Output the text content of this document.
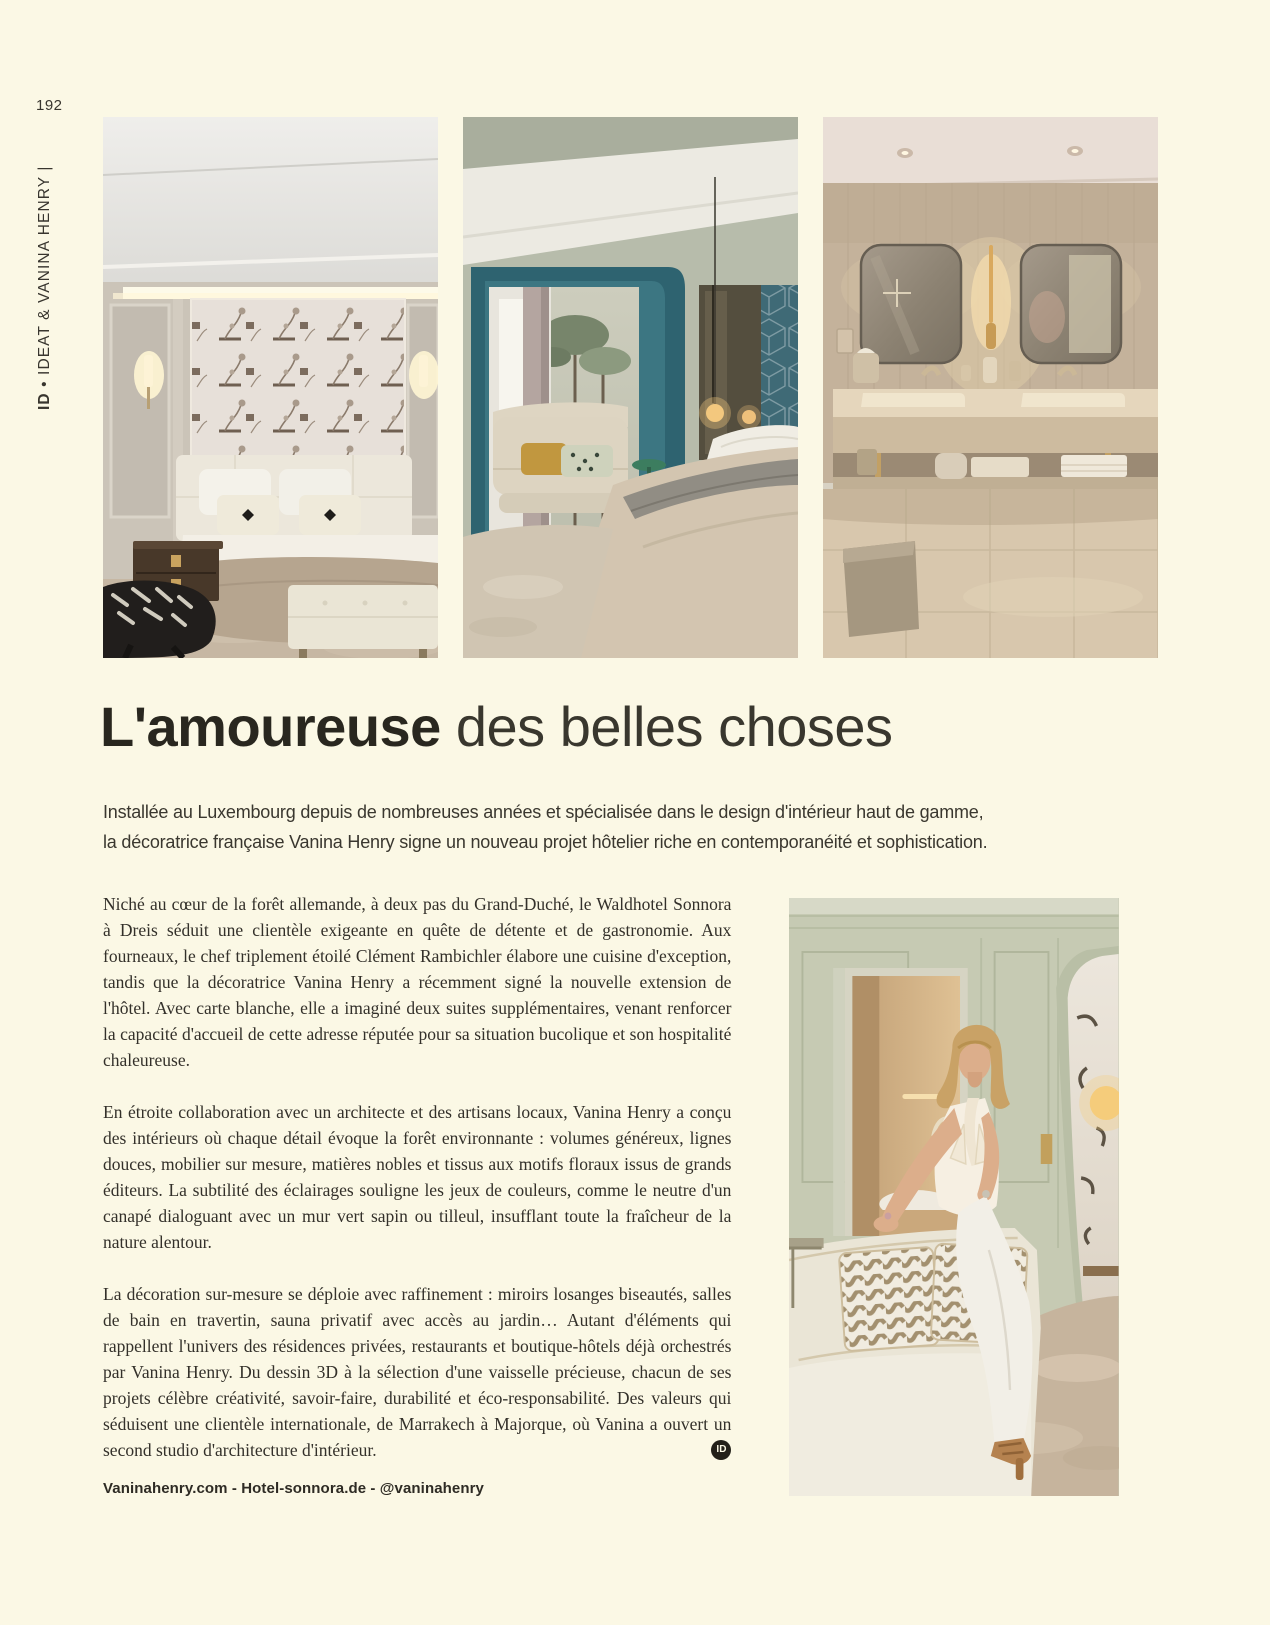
192
ID • IDEAT & VANINA HENRY |
L'amoureuse des belles choses

Installée au Luxembourg depuis de nombreuses années et spécialisée dans le design d'intérieur haut de gamme,
la décoratrice française Vanina Henry signe un nouveau projet hôtelier riche en contemporanéité et sophistication.

Niché au cœur de la forêt allemande, à deux pas du Grand-Duché, le Waldhotel Sonnora à Dreis séduit une clientèle exigeante en quête de détente et de gastronomie. Aux fourneaux, le chef triplement étoilé Clément Rambichler élabore une cuisine d'exception, tandis que la décoratrice Vanina Henry a récemment signé la nouvelle extension de l'hôtel. Avec carte blanche, elle a imaginé deux suites supplémentaires, venant renforcer la capacité d'accueil de cette adresse réputée pour sa situation bucolique et son hospitalité chaleureuse.

En étroite collaboration avec un architecte et des artisans locaux, Vanina Henry a conçu des intérieurs où chaque détail évoque la forêt environnante : volumes généreux, lignes douces, mobilier sur mesure, matières nobles et tissus aux motifs floraux issus de grands éditeurs. La subtilité des éclairages souligne les jeux de couleurs, comme le neutre d'un canapé dialoguant avec un mur vert sapin ou tilleul, insufflant toute la fraîcheur de la nature alentour.

La décoration sur-mesure se déploie avec raffinement : miroirs losanges biseautés, salles de bain en travertin, sauna privatif avec accès au jardin… Autant d'éléments qui rappellent l'univers des résidences privées, restaurants et boutique-hôtels déjà orchestrés par Vanina Henry. Du dessin 3D à la sélection d'une vaisselle précieuse, chacun de ses projets célèbre créativité, savoir-faire, durabilité et éco-responsabilité. Des valeurs qui séduisent une clientèle internationale, de Marrakech à Majorque, où Vanina a ouvert un second studio d'architecture d'intérieur.	ID
Vaninahenry.com - Hotel-sonnora.de - @vaninahenry
